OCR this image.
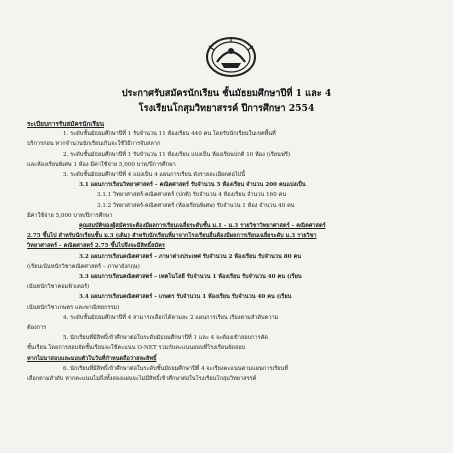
ประกาศรับสมัครนักเรียน ชั้นมัธยมศึกษาปีที่ 1 และ 4
โรงเรียนโกสุมวิทยาสรรค์ ปีการศึกษา 2554

ระเบียบการรับสมัครนักเรียน

1. ระดับชั้นมัธยมศึกษาปีที่ 1 รับจำนวน 11 ห้องเรียน 440 คน โดยรับนักเรียนในเขตพื้นที่

บริการก่อน หากจำนวนนักเรียนเกินจะใช้วิธีการจับสลาก

2. ระดับชั้นมัธยมศึกษาปีที่ 1 รับจำนวน 11 ห้องเรียน แบ่งเป็น ห้องเรียนปกติ 10 ห้อง (เรียนฟรี)

และห้องเรียนพิเศษ 1 ห้อง มีค่าใช้จ่าย 5,000 บาท/ปีการศึกษา

3. ระดับชั้นมัธยมศึกษาปีที่ 4 แบ่งเป็น 4 แผนการเรียน ดังรายละเอียดต่อไปนี้

3.1 แผนการเรียนวิทยาศาสตร์ – คณิตศาสตร์ รับจำนวน 5 ห้องเรียน จำนวน 200 คนแบ่งเป็น

3.1.1 วิทยาศาสตร์-คณิตศาสตร์ (ปกติ) รับจำนวน 4 ห้องเรียน จำนวน 160 คน

3.1.2 วิทยาศาสตร์-คณิตศาสตร์ (ห้องเรียนพิเศษ) รับจำนวน 1 ห้อง จำนวน 40 คน

มีค่าใช้จ่าย 5,000 บาท/ปีการศึกษา

คุณสมบัติของผู้สมัครจะต้องมีผลการเรียนเฉลี่ยระดับชั้น ม.1 – ม.3 รายวิชาวิทยาศาสตร์ – คณิตศาสตร์

2.75 ขึ้นไป สำหรับนักเรียนชั้น ม.3 (เดิม) สำหรับนักเรียนที่มาจากโรงเรียนอื่นต้องมีผลการเรียนเฉลี่ยระดับ ม.3 รายวิชา

วิทยาศาสตร์ – คณิตศาสตร์ 2.75 ขึ้นไปจึงจะมีสิทธิ์สมัคร

3.2 แผนการเรียนคณิตศาสตร์ – ภาษาต่างประเทศ รับจำนวน 2 ห้องเรียน รับจำนวน 80 คน

(เรียนเน้นหนักวิชาคณิตศาสตร์ – ภาษาอังกฤษ)

3.3 แผนการเรียนคณิตศาสตร์ – เทคโนโลยี รับจำนวน 1 ห้องเรียน รับจำนวน 40 คน (เรียน

เน้นหนักวิชาคอมพิวเตอร์)

3.4 แผนการเรียนคณิตศาสตร์ – เกษตร รับจำนวน 1 ห้องเรียน รับจำนวน 40 คน (เรียน

เน้นหนักวิชาเกษตร และพาณิชยกรรม)

4. ระดับชั้นมัธยมศึกษาปีที่ 4 สามารถเลือกได้ตามละ 2 แผนการเรียน เรียงตามลำดับความ

ต้องการ

5. นักเรียนที่มีสิทธิ์เข้าศึกษาต่อในระดับมัธยมศึกษาปีที่ 1 และ 4 จะต้องเข้าสอบการคัด

ชั้นเรียน โดยการสอบจัดชั้นเรียนจะใช้คะแนน O-NET รวมกับคะแนนสอบที่โรงเรียนจัดสอบ

หากไม่มาสอบและมอบตัวในวันที่กำหนดถือว่าสละสิทธิ์

6. นักเรียนที่มีสิทธิ์เข้าศึกษาต่อในระดับชั้นมัธยมศึกษาปีที่ 4 จะเรียงคะแนนตามแผนการเรียนที่

เลือกตามลำดับ หากคะแนนไม่ถึงทั้งสองแผนจะไม่มีสิทธิ์เข้าศึกษาต่อในโรงเรียนโกสุมวิทยาสรรค์
